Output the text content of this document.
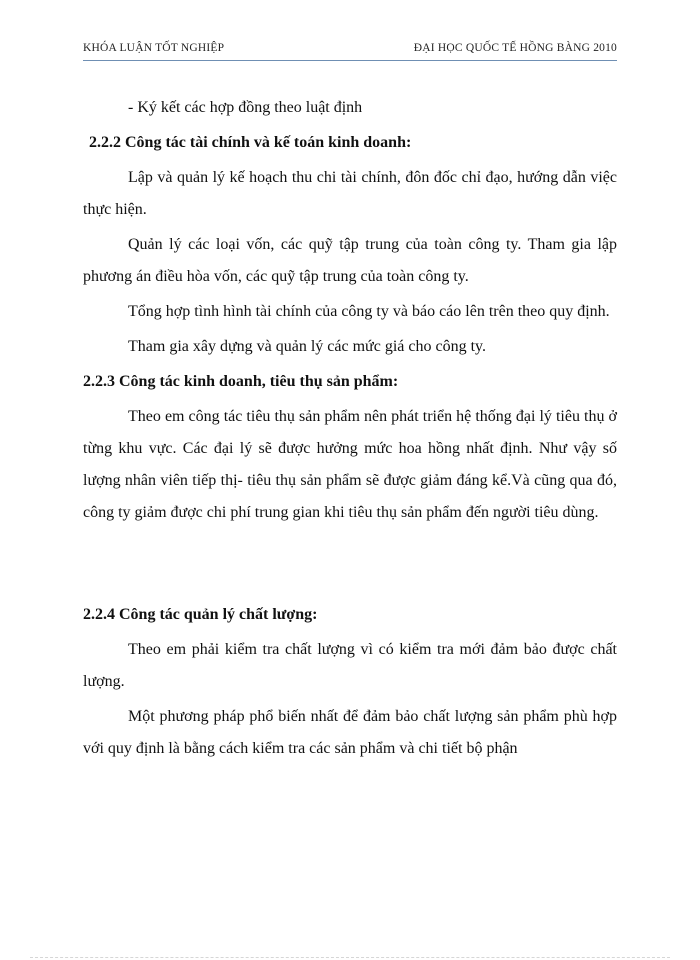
KHÓA LUẬN TỐT NGHIỆP	ĐẠI HỌC QUỐC TẾ HỒNG BÀNG 2010

- Ký kết các hợp đồng theo luật định

2.2.2 Công tác tài chính và kế toán kinh doanh:

Lập và quản lý kế hoạch thu chi tài chính, đôn đốc chỉ đạo, hướng dẫn việc thực hiện.

Quản lý các loại vốn, các quỹ tập trung của toàn công ty. Tham gia lập phương án điều hòa vốn, các quỹ tập trung của toàn công ty.

Tổng hợp tình hình tài chính của công ty và báo cáo lên trên theo quy định.

Tham gia xây dựng và quản lý các mức giá cho công ty.

2.2.3 Công tác kinh doanh, tiêu thụ sản phẩm:

Theo em công tác tiêu thụ sản phẩm nên phát triển hệ thống đại lý tiêu thụ ở từng khu vực. Các đại lý sẽ được hưởng mức hoa hồng nhất định. Như vậy số lượng nhân viên tiếp thị- tiêu thụ sản phẩm sẽ được giảm đáng kể.Và cũng qua đó, công ty giảm được chi phí trung gian khi tiêu thụ sản phẩm đến người tiêu dùng.

2.2.4 Công tác quản lý chất lượng:

Theo em phải kiểm tra chất lượng vì có kiểm tra mới đảm bảo được chất lượng.

Một phương pháp phổ biến nhất để đảm bảo chất lượng sản phẩm phù hợp với quy định là bằng cách kiểm tra các sản phẩm và chi tiết bộ phận
